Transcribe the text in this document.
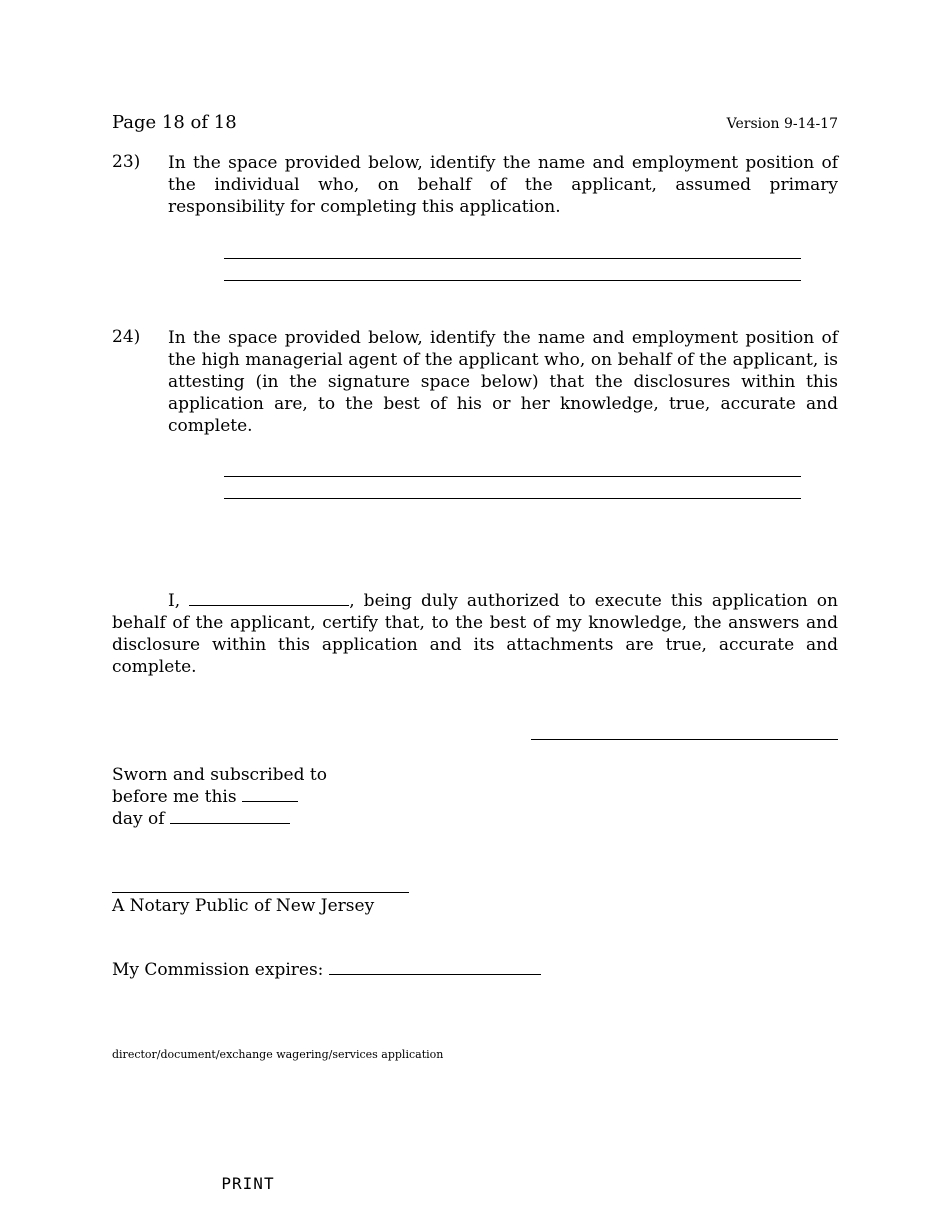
Page 18 of 18	Version 9-14-17
23) In the space provided below, identify the name and employment position of the individual who, on behalf of the applicant, assumed primary responsibility for completing this application.
24) In the space provided below, identify the name and employment position of the high managerial agent of the applicant who, on behalf of the applicant, is attesting (in the signature space below) that the disclosures within this application are, to the best of his or her knowledge, true, accurate and complete.
I,	, being duly authorized to execute this application on behalf of the applicant, certify that, to the best of my knowledge, the answers and disclosure within this application and its attachments are true, accurate and complete.
Sworn and subscribed to
before me this
day of
A Notary Public of New Jersey
My Commission expires:
director/document/exchange wagering/services application
PRINT
